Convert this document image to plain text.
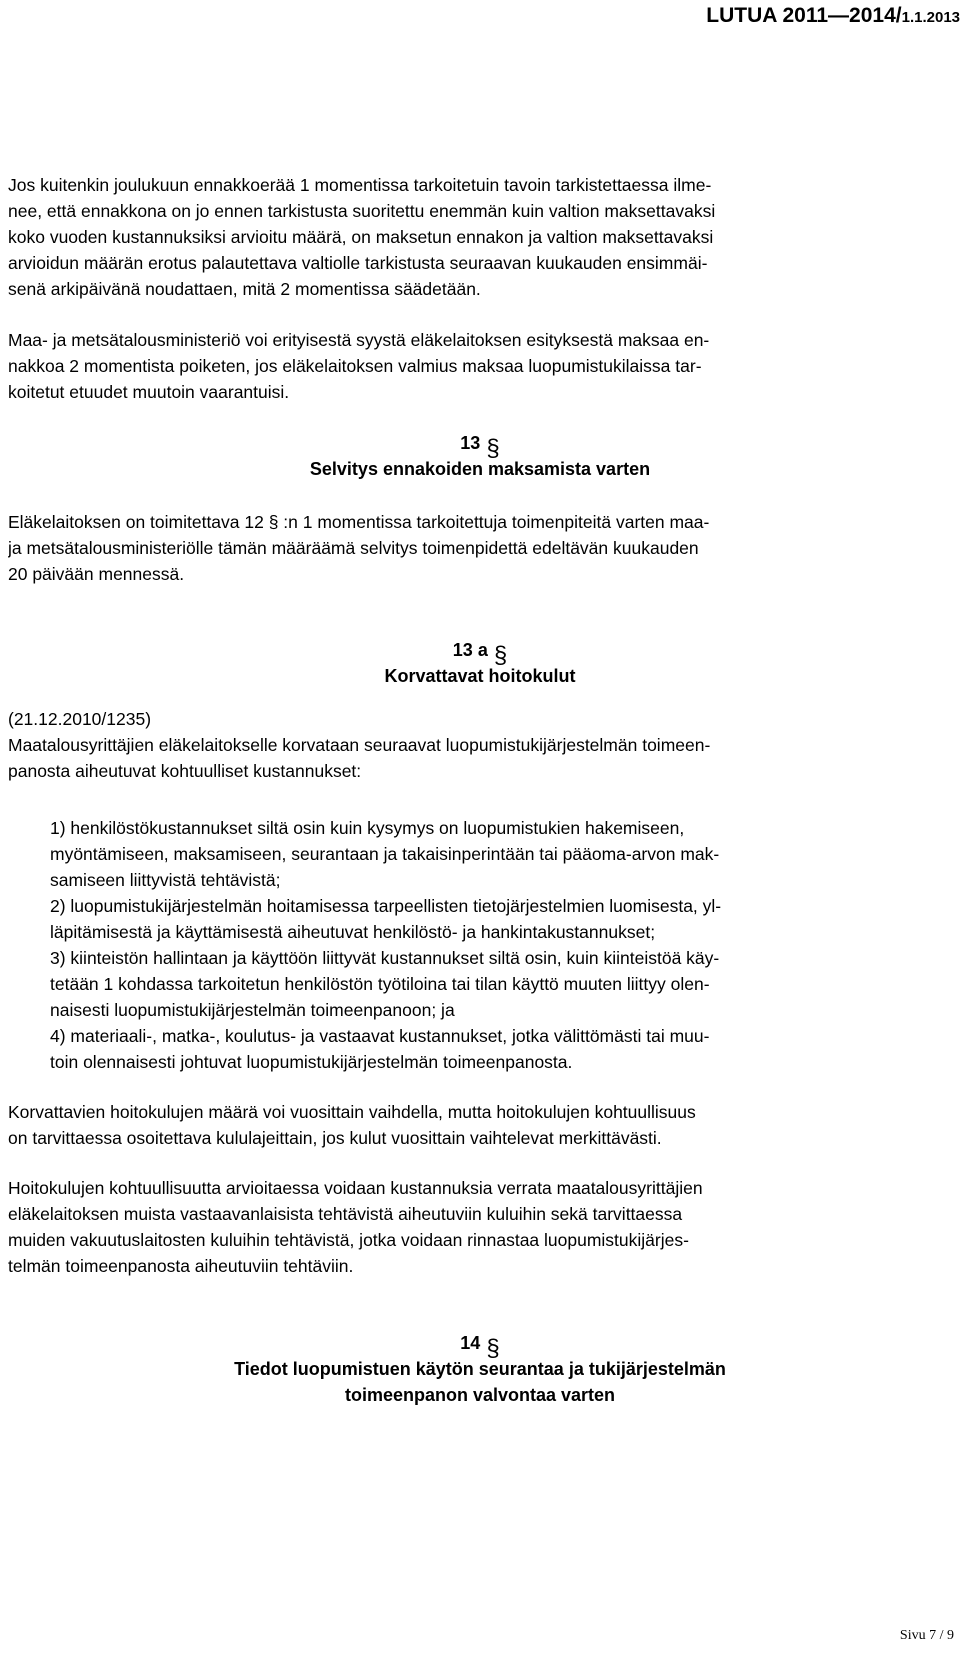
LUTUA 2011—2014/1.1.2013
Jos kuitenkin joulukuun ennakkoerää 1 momentissa tarkoitetuin tavoin tarkistettaessa ilme-
nee, että ennakkona on jo ennen tarkistusta suoritettu enemmän kuin valtion maksettavaksi
koko vuoden kustannuksiksi arvioitu määrä, on maksetun ennakon ja valtion maksettavaksi
arvioidun määrän erotus palautettava valtiolle tarkistusta seuraavan kuukauden ensimmäi-
senä arkipäivänä noudattaen, mitä 2 momentissa säädetään.
Maa- ja metsätalousministeriö voi erityisestä syystä eläkelaitoksen esityksestä maksaa en-
nakkoa 2 momentista poiketen, jos eläkelaitoksen valmius maksaa luopumistukilaissa tar-
koitetut etuudet muutoin vaarantuisi.
13 §
Selvitys ennakoiden maksamista varten
Eläkelaitoksen on toimitettava 12 § :n 1 momentissa tarkoitettuja toimenpiteitä varten maa-
ja metsätalousministeriölle tämän määräämä selvitys toimenpidettä edeltävän kuukauden
20 päivään mennessä.
13 a §
Korvattavat hoitokulut
(21.12.2010/1235)
Maatalousyrittäjien eläkelaitokselle korvataan seuraavat luopumistukijärjestelmän toimeen-
panosta aiheutuvat kohtuulliset kustannukset:
1) henkilöstökustannukset siltä osin kuin kysymys on luopumistukien hakemiseen,
myöntämiseen, maksamiseen, seurantaan ja takaisinperintään tai pääoma-arvon mak-
samiseen liittyvistä tehtävistä;
2) luopumistukijärjestelmän hoitamisessa tarpeellisten tietojärjestelmien luomisesta, yl-
läpitämisestä ja käyttämisestä aiheutuvat henkilöstö- ja hankintakustannukset;
3) kiinteistön hallintaan ja käyttöön liittyvät kustannukset siltä osin, kuin kiinteistöä käy-
tetään 1 kohdassa tarkoitetun henkilöstön työtiloina tai tilan käyttö muuten liittyy olen-
naisesti luopumistukijärjestelmän toimeenpanoon; ja
4) materiaali-, matka-, koulutus- ja vastaavat kustannukset, jotka välittömästi tai muu-
toin olennaisesti johtuvat luopumistukijärjestelmän toimeenpanosta.
Korvattavien hoitokulujen määrä voi vuosittain vaihdella, mutta hoitokulujen kohtuullisuus
on tarvittaessa osoitettava kululajeittain, jos kulut vuosittain vaihtelevat merkittävästi.
Hoitokulujen kohtuullisuutta arvioitaessa voidaan kustannuksia verrata maatalousyrittäjien
eläkelaitoksen muista vastaavanlaisista tehtävistä aiheutuviin kuluihin sekä tarvittaessa
muiden vakuutuslaitosten kuluihin tehtävistä, jotka voidaan rinnastaa luopumistukijärjes-
telmän toimeenpanosta aiheutuviin tehtäviin.
14 §
Tiedot luopumistuen käytön seurantaa ja tukijärjestelmän
toimeenpanon valvontaa varten
Sivu 7 / 9
